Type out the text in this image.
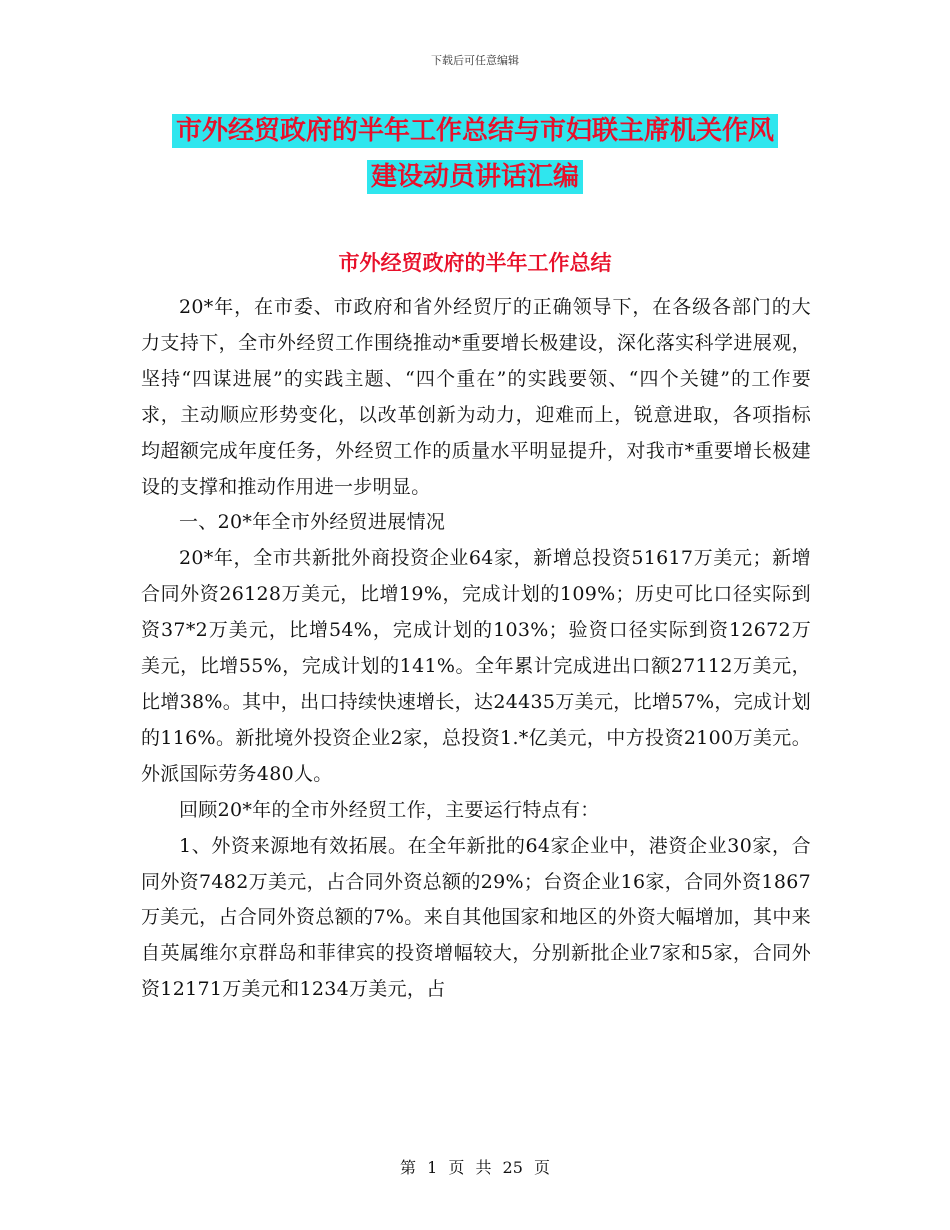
下载后可任意编辑
市外经贸政府的半年工作总结与市妇联主席机关作风
建设动员讲话汇编
市外经贸政府的半年工作总结

20*年，在市委、市政府和省外经贸厅的正确领导下，在各级各部门的大力支持下，全市外经贸工作围绕推动*重要增长极建设，深化落实科学进展观，坚持“四谋进展”的实践主题、“四个重在”的实践要领、“四个关键”的工作要求，主动顺应形势变化，以改革创新为动力，迎难而上，锐意进取，各项指标均超额完成年度任务，外经贸工作的质量水平明显提升，对我市*重要增长极建设的支撑和推动作用进一步明显。

一、20*年全市外经贸进展情况

20*年，全市共新批外商投资企业64家，新增总投资51617万美元；新增合同外资26128万美元，比增19%，完成计划的109%；历史可比口径实际到资37*2万美元，比增54%，完成计划的103%；验资口径实际到资12672万美元，比增55%，完成计划的141%。全年累计完成进出口额27112万美元，比增38%。其中，出口持续快速增长，达24435万美元，比增57%，完成计划的116%。新批境外投资企业2家，总投资1.*亿美元，中方投资2100万美元。外派国际劳务480人。

回顾20*年的全市外经贸工作，主要运行特点有：

1、外资来源地有效拓展。在全年新批的64家企业中，港资企业30家，合同外资7482万美元，占合同外资总额的29%；台资企业16家，合同外资1867万美元，占合同外资总额的7%。来自其他国家和地区的外资大幅增加，其中来自英属维尔京群岛和菲律宾的投资增幅较大，分别新批企业7家和5家，合同外资12171万美元和1234万美元，占

第 1 页 共 25 页
